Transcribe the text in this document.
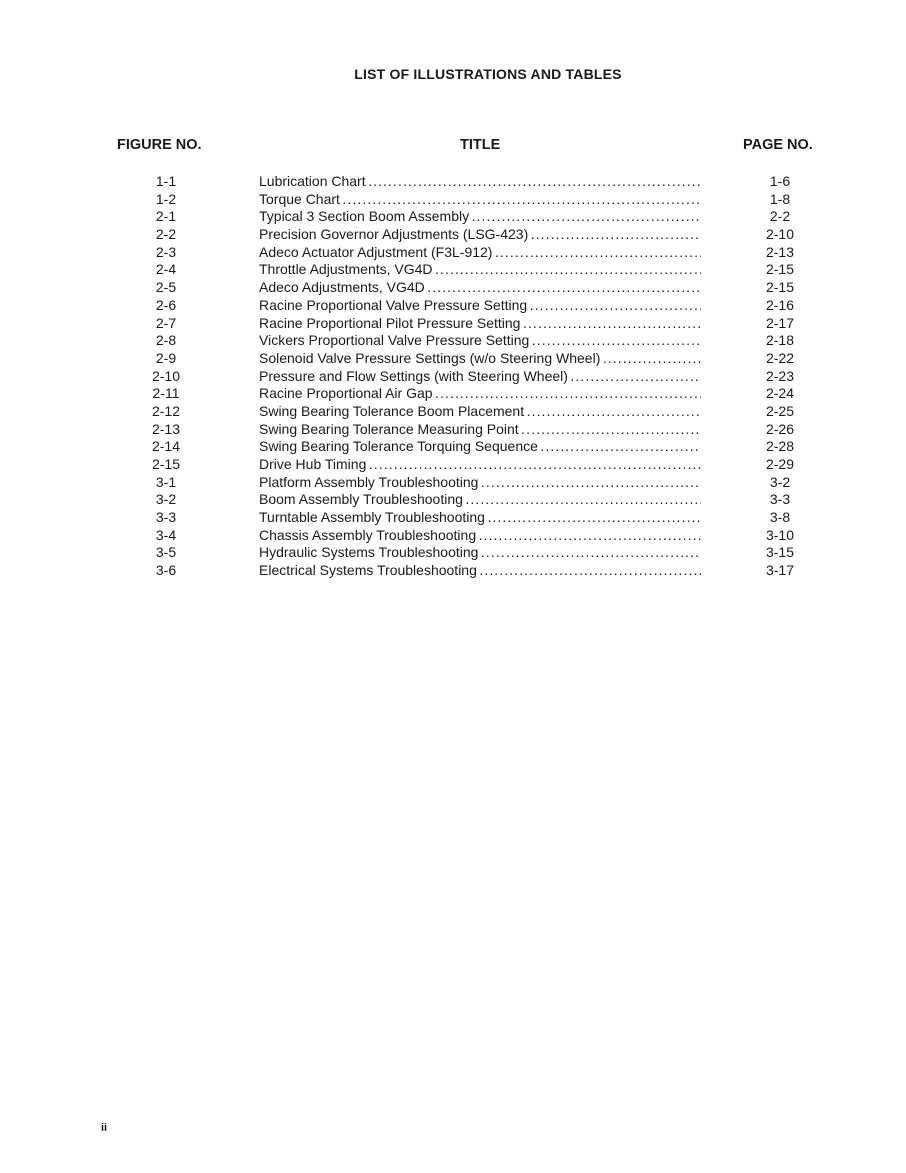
LIST OF ILLUSTRATIONS AND TABLES
FIGURE NO.	TITLE	PAGE NO.
1-1	Lubrication Chart . . .	1-6
1-2	Torque Chart . . .	1-8
2-1	Typical 3 Section Boom Assembly . . .	2-2
2-2	Precision Governor Adjustments (LSG-423) . . .	2-10
2-3	Adeco Actuator Adjustment (F3L-912) . . .	2-13
2-4	Throttle Adjustments, VG4D . . .	2-15
2-5	Adeco Adjustments, VG4D . . .	2-15
2-6	Racine Proportional Valve Pressure Setting . . .	2-16
2-7	Racine Proportional Pilot Pressure Setting . . .	2-17
2-8	Vickers Proportional Valve Pressure Setting . . .	2-18
2-9	Solenoid Valve Pressure Settings (w/o Steering Wheel) . . .	2-22
2-10	Pressure and Flow Settings (with Steering Wheel) . . .	2-23
2-11	Racine Proportional Air Gap . . .	2-24
2-12	Swing Bearing Tolerance Boom Placement . . .	2-25
2-13	Swing Bearing Tolerance Measuring Point . . .	2-26
2-14	Swing Bearing Tolerance Torquing Sequence . . .	2-28
2-15	Drive Hub Timing . . .	2-29
3-1	Platform Assembly Troubleshooting . . .	3-2
3-2	Boom Assembly Troubleshooting . . .	3-3
3-3	Turntable Assembly Troubleshooting . . .	3-8
3-4	Chassis Assembly Troubleshooting . . .	3-10
3-5	Hydraulic Systems Troubleshooting . . .	3-15
3-6	Electrical Systems Troubleshooting . . .	3-17
ii
